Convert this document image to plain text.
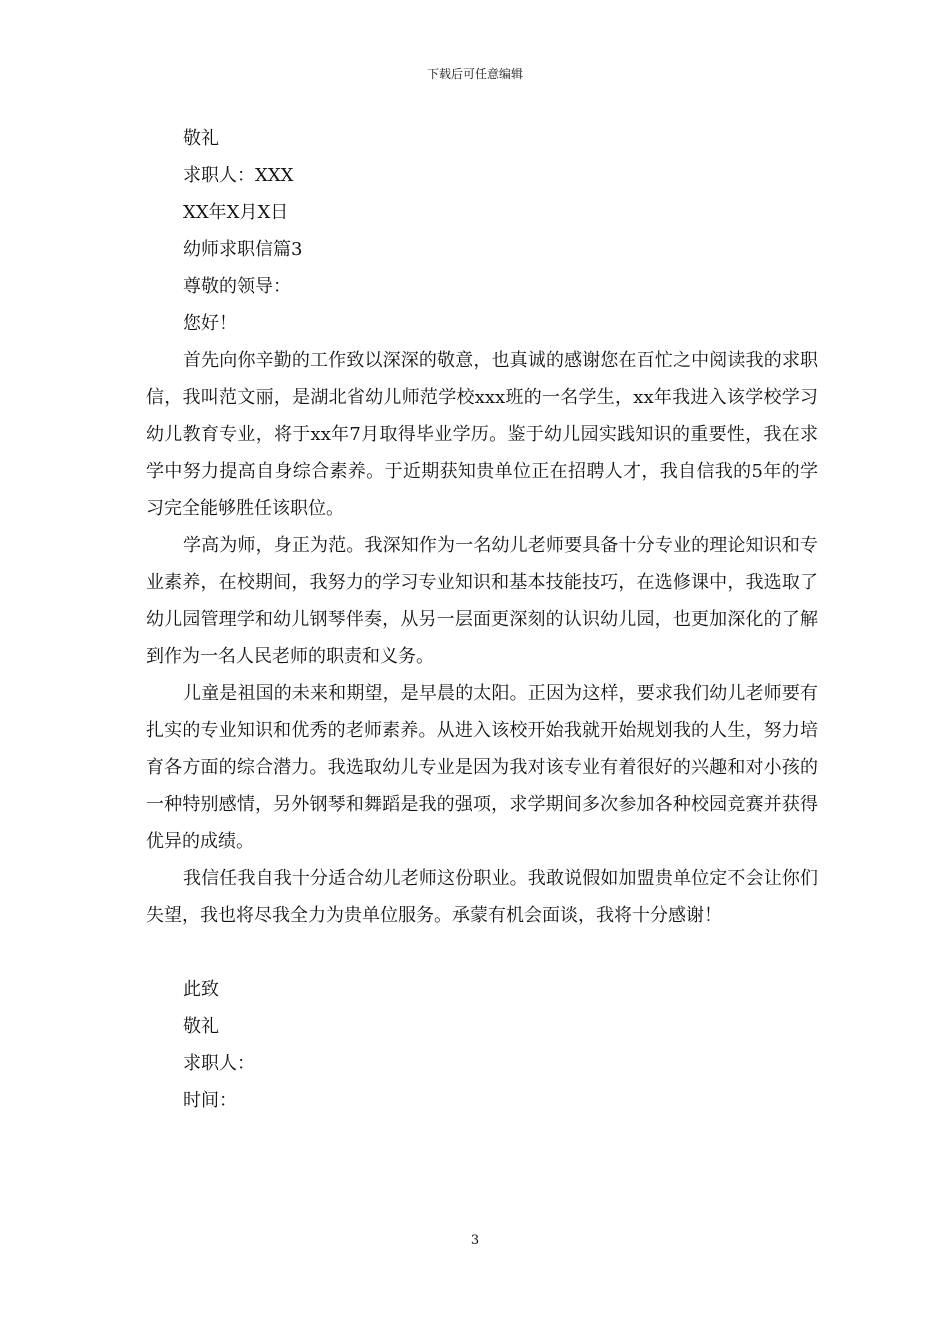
下载后可任意编辑
敬礼
求职人：XXX
XX年X月X日
幼师求职信篇3
尊敬的领导：
您好！

首先向你辛勤的工作致以深深的敬意，也真诚的感谢您在百忙之中阅读我的求职信，我叫范文丽，是湖北省幼儿师范学校xxx班的一名学生，xx年我进入该学校学习幼儿教育专业，将于xx年7月取得毕业学历。鉴于幼儿园实践知识的重要性，我在求学中努力提高自身综合素养。于近期获知贵单位正在招聘人才，我自信我的5年的学习完全能够胜任该职位。

学高为师，身正为范。我深知作为一名幼儿老师要具备十分专业的理论知识和专业素养，在校期间，我努力的学习专业知识和基本技能技巧，在选修课中，我选取了幼儿园管理学和幼儿钢琴伴奏，从另一层面更深刻的认识幼儿园，也更加深化的了解到作为一名人民老师的职责和义务。

儿童是祖国的未来和期望，是早晨的太阳。正因为这样，要求我们幼儿老师要有扎实的专业知识和优秀的老师素养。从进入该校开始我就开始规划我的人生，努力培育各方面的综合潜力。我选取幼儿专业是因为我对该专业有着很好的兴趣和对小孩的一种特别感情，另外钢琴和舞蹈是我的强项，求学期间多次参加各种校园竞赛并获得优异的成绩。

我信任我自我十分适合幼儿老师这份职业。我敢说假如加盟贵单位定不会让你们失望，我也将尽我全力为贵单位服务。承蒙有机会面谈，我将十分感谢！

此致
敬礼
求职人：
时间：
3
